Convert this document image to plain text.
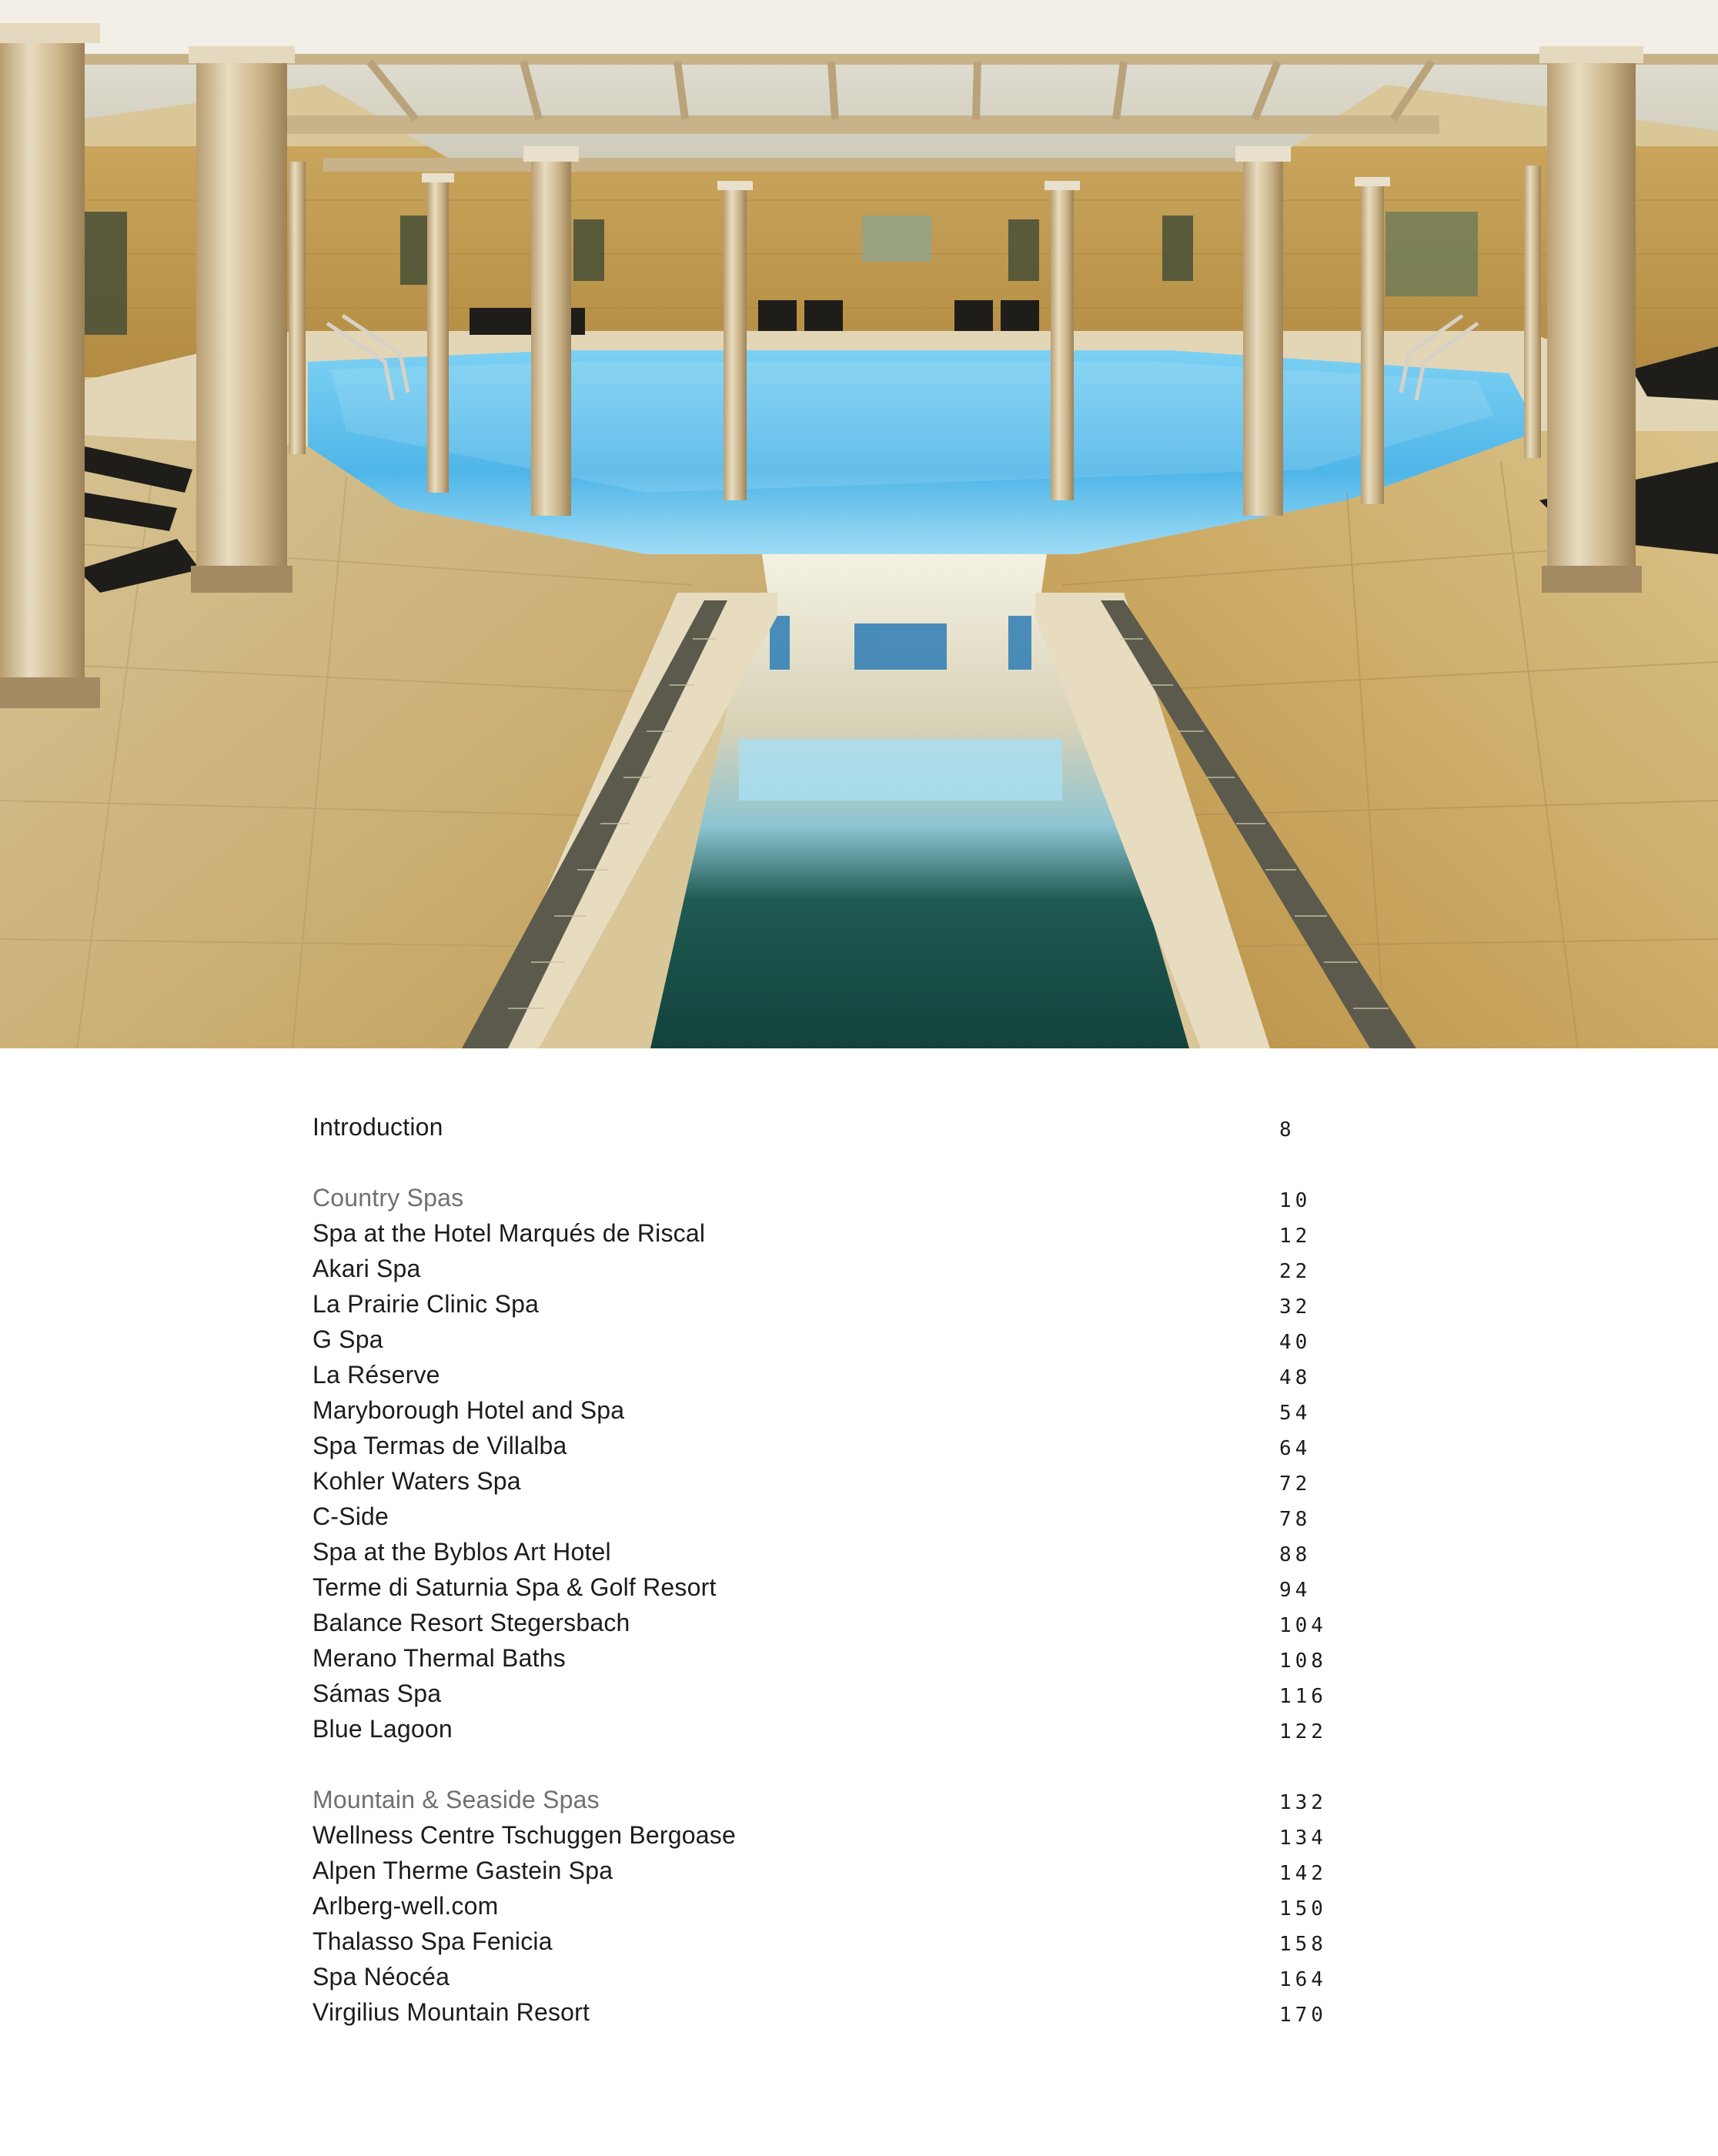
Introduction	8
Country Spas	10
Spa at the Hotel Marqués de Riscal	12
Akari Spa	22
La Prairie Clinic Spa	32
G Spa	40
La Réserve	48
Maryborough Hotel and Spa	54
Spa Termas de Villalba	64
Kohler Waters Spa	72
C-Side	78
Spa at the Byblos Art Hotel	88
Terme di Saturnia Spa & Golf Resort	94
Balance Resort Stegersbach	104
Merano Thermal Baths	108
Sámas Spa	116
Blue Lagoon	122
Mountain & Seaside Spas	132
Wellness Centre Tschuggen Bergoase	134
Alpen Therme Gastein Spa	142
Arlberg-well.com	150
Thalasso Spa Fenicia	158
Spa Néocéa	164
Virgilius Mountain Resort	170
